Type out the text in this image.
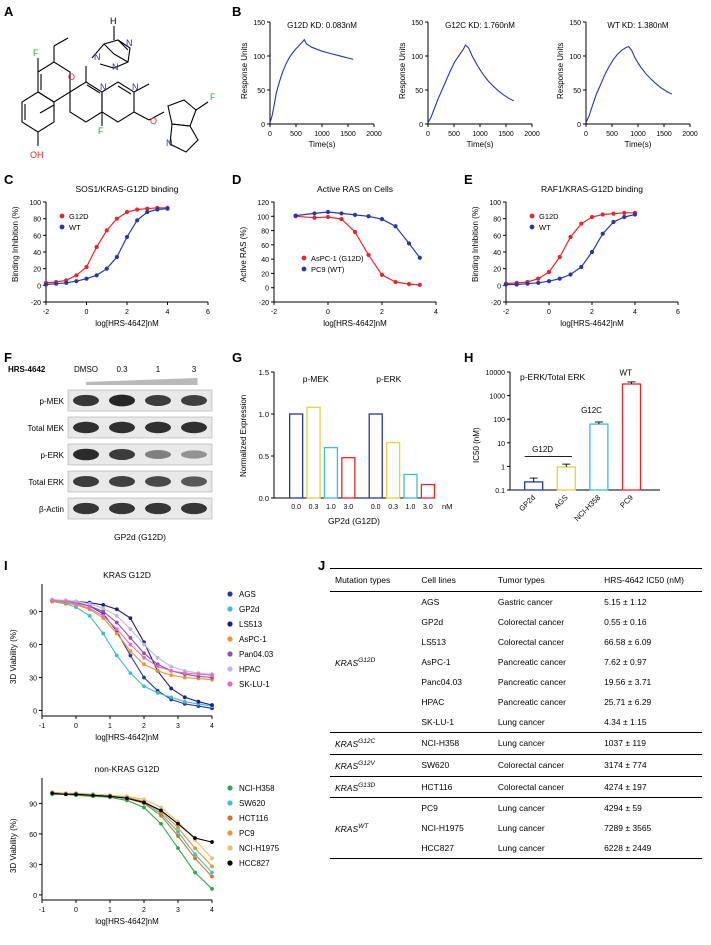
A
F
H
N
N
N
O
N	N
O
F
F
N
OH
B
0	500 1000 1500 2000
0
50
100
150	G12D KD: 0.083nM
Time(s)
Response Units
0	500 1000 1500 2000
0
50
100
150	G12C KD: 1.760nM
Time(s)
Response Units
0	500 1000 1500 2000
0
50
100
150	WT KD: 1.380nM
Time(s)
Response Units
C
-2	0	2	4	6
-20
0
20
40
60
80
100
SOS1/KRAS-G12D binding
log[HRS-4642]nM
Binding Inhibition (%)	G12D
WT
D
-2	0	2	4
-20
0
20
40
60
80
100
120
Active RAS on Cells
log[HRS-4642]nM
Active RAS (%)	AsPC-1 (G12D)
PC9 (WT)
E
-2	0	2	4	6
-20
0
20
40
60
80
100
RAF1/KRAS-G12D binding
log[HRS-4642]nM
Binding Inhibition (%)	G12D
WT
F
HRS-4642	DMSO 0.3	1	3
p-MEK
Total MEK
p-ERK
Total ERK
β-Actin
GP2d (G12D)
G
0.0
0.5
1.0
1.5
0.0 0.3 1.0 3.0	0.0 0.3 1.0 3.0
p-MEK	p-ERK
nM
GP2d (G12D)
Normalized Expression
H
0.1
1
10
100
1000
10000
GP2d AGS NCI-H358 PC9
p-ERK/Total ERK
G12D
G12C
WT
IC50 (nM)
I
-1	0	1	2	3	4
0
30
60
90
KRAS G12D
log[HRS-4642]nM
3D Viability (%)
AGS
GP2d
LS513
AsPC-1
Pan04.03
HPAC
SK-LU-1
-1	0	1	2	3	4
0
30
60
90
non-KRAS G12D
log[HRS-4642]nM
3D Viability (%)
NCI-H358
SW620
HCT116
PC9
NCI-H1975
HCC827
J
Mutation types	Cell lines	Tumor types	HRS-4642 IC50 (nM)
$KRAS^{G12D}$	AGS	Gastric cancer	5.15 ± 1.12
	GP2d	Colorectal cancer	0.55 ± 0.16
	LS513	Colorectal cancer	66.58 ± 6.09
	AsPC-1	Pancreatic cancer	7.62 ± 0.97
	Panc04.03	Pancreatic cancer	19.56 ± 3.71
	HPAC	Pancreatic cancer	25.71 ± 6.29
	SK-LU-1	Lung cancer	4.34 ± 1.15
$KRAS^{G12C}$	NCI-H358	Lung cancer	1037 ± 119
$KRAS^{G12V}$	SW620	Colorectal cancer	3174 ± 774
$KRAS^{G13D}$	HCT116	Colorectal cancer	4274 ± 197
$KRAS^{WT}$	PC9	Lung cancer	4294 ± 59
	NCI-H1975	Lung cancer	7289 ± 3565
	HCC827	Lung cancer	6228 ± 2449
